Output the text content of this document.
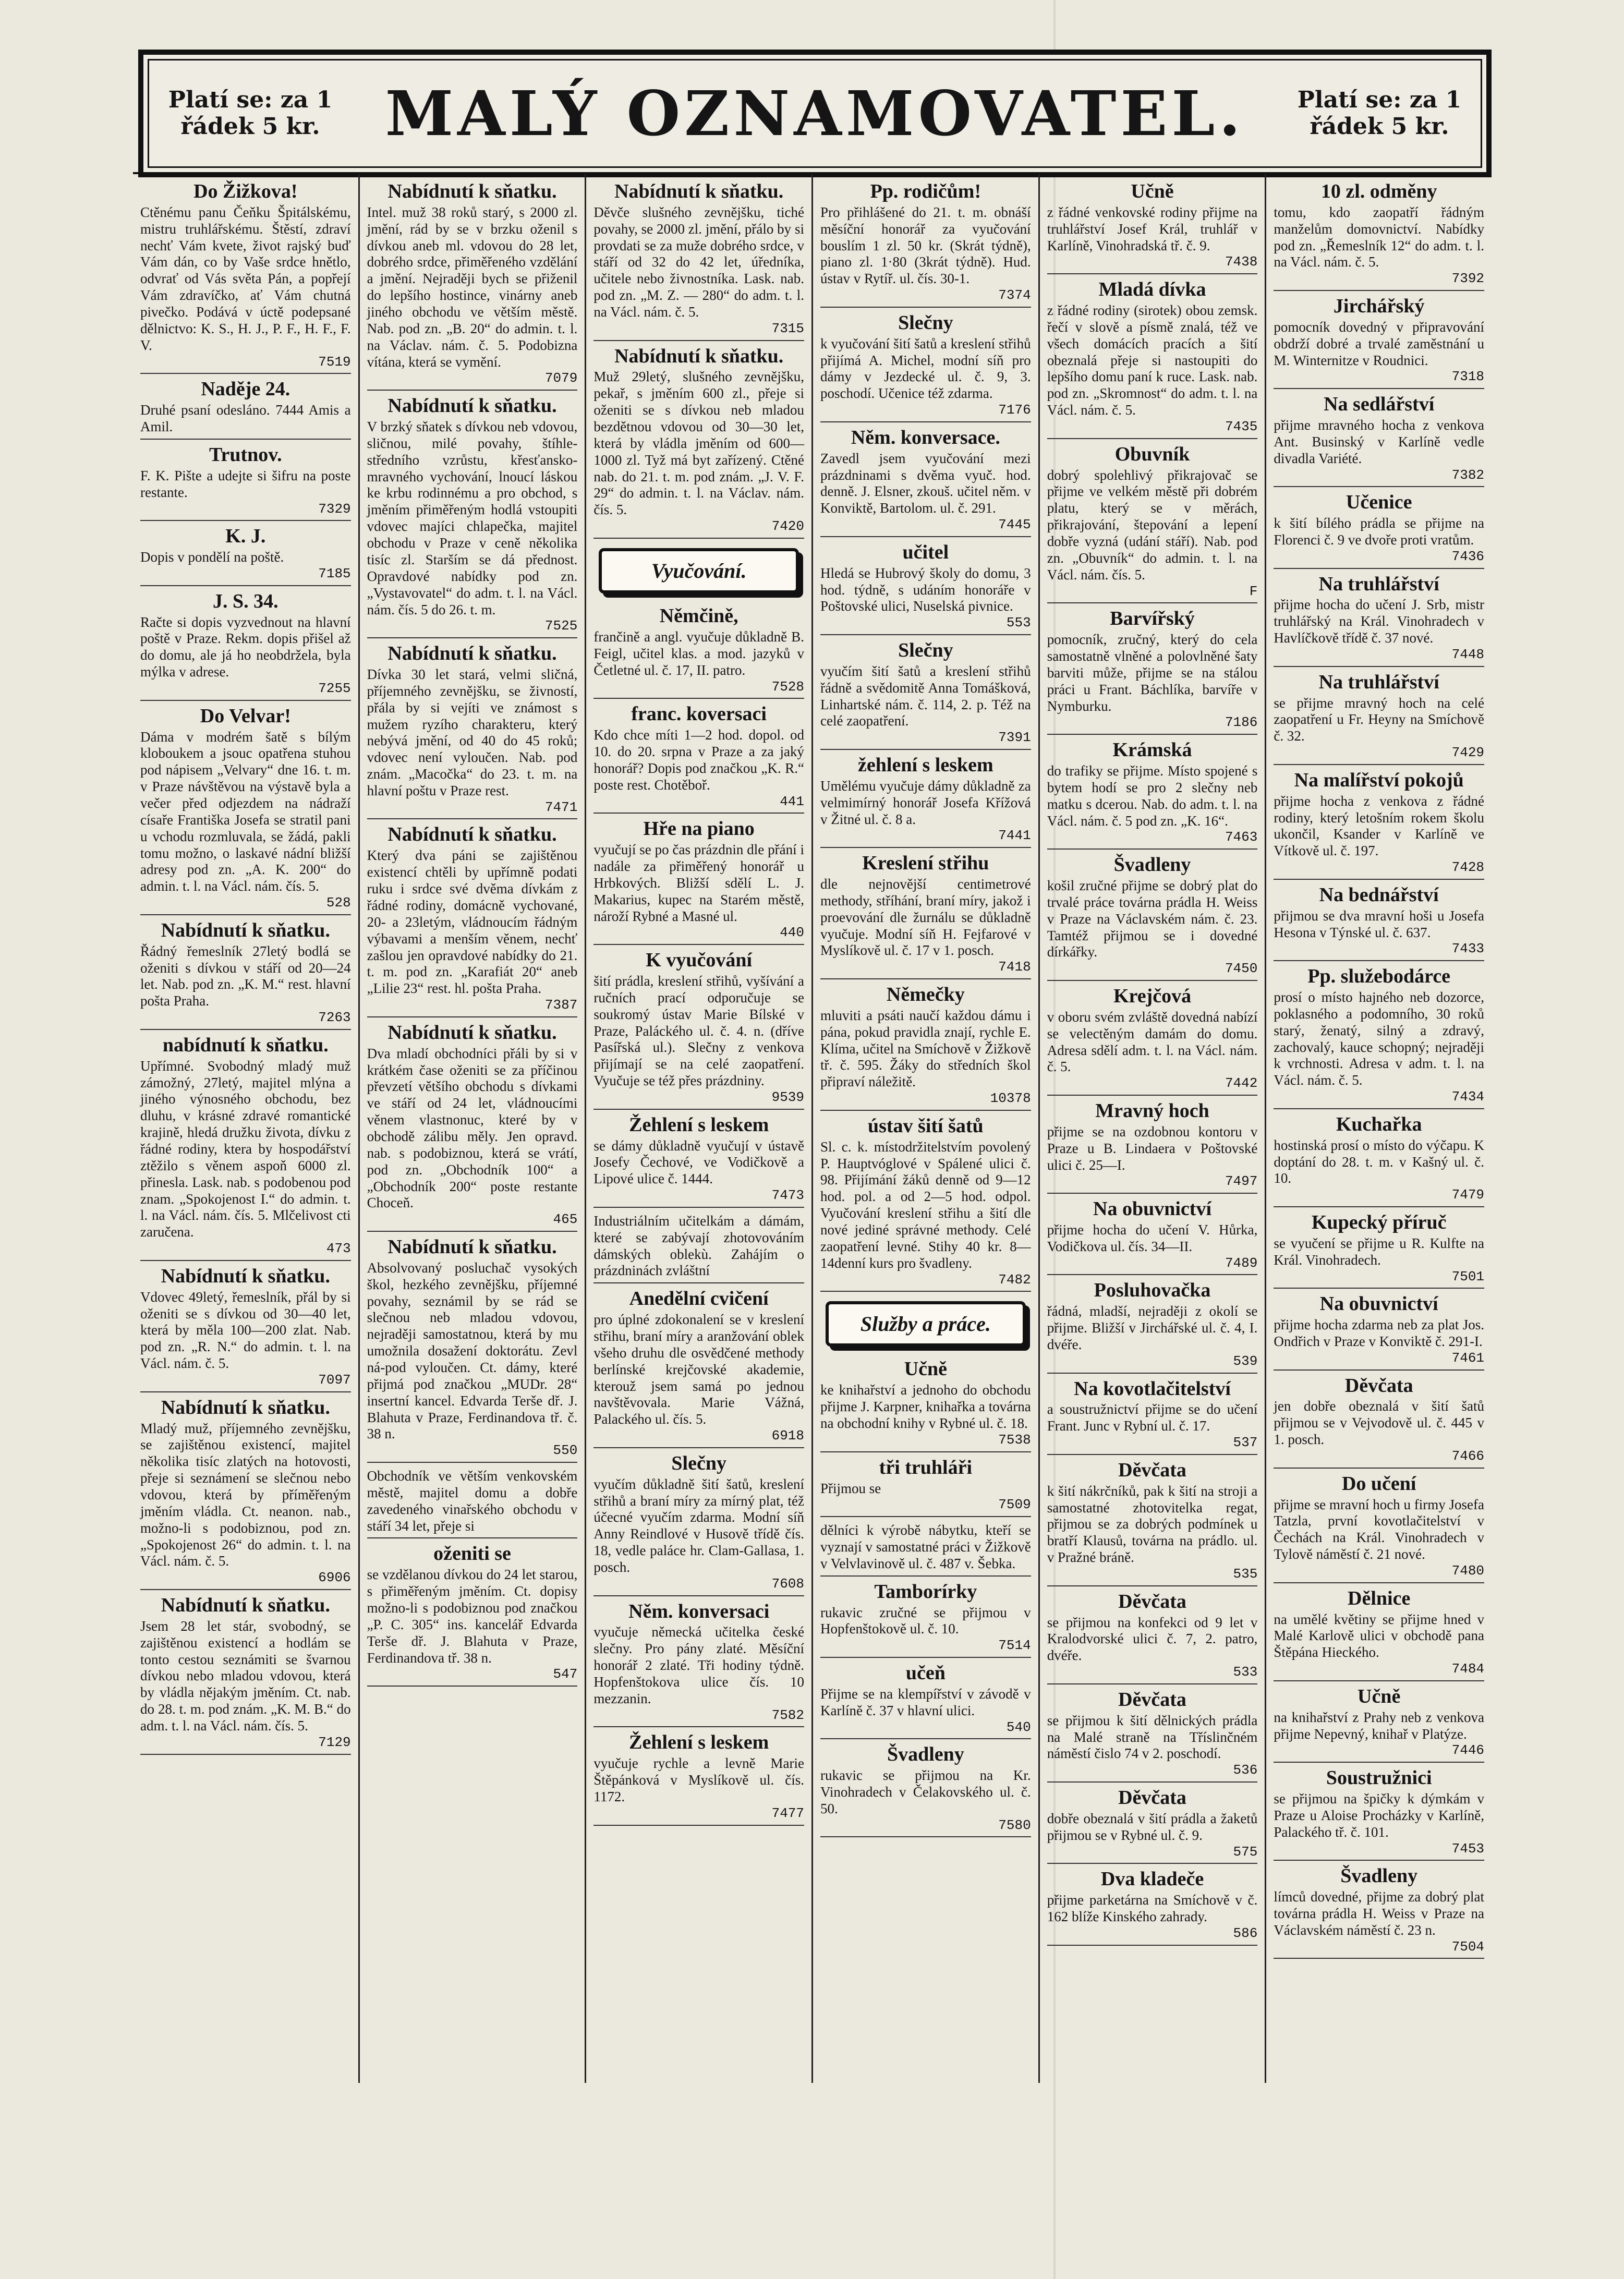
Platí se: za 1 řádek 5 kr. MALÝ OZNAMOVATEL. Platí se: za 1 řádek 5 kr.
Do Žižkova!
Ctěnému panu Čeňku Špitálskému, mistru truhlářskému. Štěstí, zdraví nechť Vám kvete, život rajský buď Vám dán, co by Vaše srdce hnětlo, odvrať od Vás světa Pán, a popřejí Vám zdravíčko, ať Vám chutná pivečko. Podává v úctě podepsané dělnictvo: K. S., H. J., P. F., H. F., F. V.
7519
Naděje 24.
Druhé psaní odesláno. 7444 Amis a Amil.
Trutnov.
F. K. Pište a udejte si šifru na poste restante.
7329
K. J.
Dopis v pondělí na poště.
7185
J. S. 34.
Račte si dopis vyzvednout na hlavní poště v Praze. Rekm. dopis přišel až do domu, ale já ho neobdržela, byla mýlka v adrese.
7255
Do Velvar!
Dáma v modrém šatě s bílým kloboukem a jsouc opatřena stuhou pod nápisem „Velvary“ dne 16. t. m. v Praze návštěvou na výstavě byla a večer před odjezdem na nádraží císaře Františka Josefa se stratil pani u vchodu rozmluvala, se žádá, pakli tomu možno, o laskavé nádní bližší adresy pod zn. „A. K. 200“ do admin. t. l. na Václ. nám. čís. 5.
528
Nabídnutí k sňatku.
Řádný řemeslník 27letý bodlá se oženiti s dívkou v stáří od 20—24 let. Nab. pod zn. „K. M.“ rest. hlavní pošta Praha.
7263
nabídnutí k sňatku.
Upřímné. Svobodný mladý muž zámožný, 27letý, majitel mlýna a jiného výnosného obchodu, bez dluhu, v krásné zdravé romantické krajině, hledá družku života, dívku z řádné rodiny, ktera by hospodářství ztěžilo s věnem aspoň 6000 zl. přinesla. Lask. nab. s podobenou pod znam. „Spokojenost I.“ do admin. t. l. na Václ. nám. čís. 5. Mlčelivost cti zaručena.
473
Nabídnutí k sňatku.
Vdovec 49letý, řemeslník, přál by si oženiti se s dívkou od 30—40 let, která by měla 100—200 zlat. Nab. pod zn. „R. N.“ do admin. t. l. na Václ. nám. č. 5.
7097
Nabídnutí k sňatku.
Mladý muž, příjemného zevnějšku, se zajištěnou existencí, majitel několika tisíc zlatých na hotovosti, přeje si seznámení se slečnou nebo vdovou, která by příměřeným jměním vládla. Ct. neanon. nab., možno-li s podobiznou, pod zn. „Spokojenost 26“ do admin. t. l. na Václ. nám. č. 5.
6906
Nabídnutí k sňatku.
Jsem 28 let stár, svobodný, se zajištěnou existencí a hodlám se tonto cestou seznámiti se švarnou dívkou nebo mladou vdovou, která by vládla nějakým jměním. Ct. nab. do 28. t. m. pod znám. „K. M. B.“ do adm. t. l. na Václ. nám. čís. 5.
7129
Nabídnutí k sňatku.
Intel. muž 38 roků starý, s 2000 zl. jmění, rád by se v brzku oženil s dívkou aneb ml. vdovou do 28 let, dobrého srdce, přiměřeného vzdělání a jmění. Nejraději bych se přiženil do lepšího hostince, vinárny aneb jiného obchodu ve větším městě. Nab. pod zn. „B. 20“ do admin. t. l. na Václav. nám. č. 5. Podobizna vítána, která se vymění.
7079
Nabídnutí k sňatku.
V brzký sňatek s dívkou neb vdovou, sličnou, milé povahy, štíhle-středního vzrůstu, křesťansko-mravného vychování, lnoucí láskou ke krbu rodinnému a pro obchod, s jměním přiměřeným hodlá vstoupiti vdovec majíci chlapečka, majitel obchodu v Praze v ceně několika tisíc zl. Starším se dá přednost. Opravdové nabídky pod zn. „Vystavovatel“ do adm. t. l. na Václ. nám. čís. 5 do 26. t. m.
7525
Nabídnutí k sňatku.
Dívka 30 let stará, velmi sličná, příjemného zevnějšku, se živností, přála by si vejíti ve známost s mužem ryzího charakteru, který nebývá jmění, od 40 do 45 roků; vdovec není vyloučen. Nab. pod znám. „Macočka“ do 23. t. m. na hlavní poštu v Praze rest.
7471
Nabídnutí k sňatku.
Který dva páni se zajištěnou existencí chtěli by upřímně podati ruku i srdce své dvěma dívkám z řádné rodiny, domácně vychované, 20- a 23letým, vládnoucím řádným výbavami a menším věnem, nechť zašlou jen opravdové nabídky do 21. t. m. pod zn. „Karafiát 20“ aneb „Lilie 23“ rest. hl. pošta Praha.
7387
Nabídnutí k sňatku.
Dva mladí obchodníci přáli by si v krátkém čase oženiti se za příčinou převzetí většího obchodu s dívkami ve stáří od 24 let, vládnoucími věnem vlastnonuc, které by v obchodě zálibu měly. Jen opravd. nab. s podobiznou, která se vrátí, pod zn. „Obchodník 100“ a „Obchodník 200“ poste restante Choceň.
465
Nabídnutí k sňatku.
Absolvovaný posluchač vysokých škol, hezkého zevnějšku, příjemné povahy, seznámil by se rád se slečnou neb mladou vdovou, nejraději samostatnou, která by mu umožnila dosažení doktorátu. Zevl ná-pod vyloučen. Ct. dámy, které přijmá pod značkou „MUDr. 28“ insertní kancel. Edvarda Terše dř. J. Blahuta v Praze, Ferdinandova tř. č. 38 n.
550
Obchodník ve větším venkovském městě, majitel domu a dobře zavedeného vinařského obchodu v stáří 34 let, přeje si
oženiti se
se vzdělanou dívkou do 24 let starou, s přiměřeným jměním. Ct. dopisy možno-li s podobiznou pod značkou „P. C. 305“ ins. kancelář Edvarda Terše dř. J. Blahuta v Praze, Ferdinandova tř. 38 n.
547
Nabídnutí k sňatku.
Děvče slušného zevnějšku, tiché povahy, se 2000 zl. jmění, přálo by si provdati se za muže dobrého srdce, v stáří od 32 do 42 let, úředníka, učitele nebo živnostníka. Lask. nab. pod zn. „M. Z. — 280“ do adm. t. l. na Václ. nám. č. 5.
7315
Nabídnutí k sňatku.
Muž 29letý, slušného zevnějšku, pekař, s jměním 600 zl., přeje si oženiti se s dívkou neb mladou bezdětnou vdovou od 30—30 let, která by vládla jměním od 600—1000 zl. Tyž má byt zařízený. Ctěné nab. do 21. t. m. pod znám. „J. V. F. 29“ do admin. t. l. na Václav. nám. čís. 5.
7420
Vyučování.
Němčině,
frančině a angl. vyučuje důkladně B. Feigl, učitel klas. a mod. jazyků v Četletné ul. č. 17, II. patro.
7528
franc. koversaci
Kdo chce míti 1—2 hod. dopol. od 10. do 20. srpna v Praze a za jaký honorář? Dopis pod značkou „K. R.“ poste rest. Chotěboř.
441
Hře na piano
vyučují se po čas prázdnin dle přání i nadále za přiměřený honorář u Hrbkových. Bližší sdělí L. J. Makarius, kupec na Starém městě, nároží Rybné a Masné ul.
440
K vyučování
šití prádla, kreslení střihů, vyšívání a ručních prací odporučuje se soukromý ústav Marie Bílské v Praze, Paláckého ul. č. 4. n. (dříve Pasířská ul.). Slečny z venkova přijímají se na celé zaopatření. Vyučuje se též přes prázdniny.
9539
Žehlení s leskem
se dámy důkladně vyučují v ústavě Josefy Čechové, ve Vodičkově a Lipové ulice č. 1444.
7473
Industriálním učitelkám a dámám, které se zabývají zhotovováním dámských oblekù. Zahájím o prázdninách zvláštní
Anedělní cvičení
pro úplné zdokonalení se v kreslení střihu, braní míry a aranžování oblek všeho druhu dle osvědčené methody berlínské krejčovské akademie, kterouž jsem samá po jednou navštěvovala. Marie Vážná, Palackého ul. čís. 5.
6918
Slečny
vyučím důkladně šití šatů, kreslení střihů a braní míry za mírný plat, též účecné vyučím zdarma. Modní síň Anny Reindlové v Husově třídě čís. 18, vedle paláce hr. Clam-Gallasa, 1. posch.
7608
Něm. konversaci
vyučuje německá učitelka české slečny. Pro pány zlaté. Měsíční honorář 2 zlaté. Tři hodiny týdně. Hopfenštokova ulice čís. 10 mezzanin.
7582
Žehlení s leskem
vyučuje rychle a levně Marie Štěpánková v Myslíkově ul. čís. 1172.
7477
Pp. rodičům!
Pro přihlášené do 21. t. m. obnáší měsíční honorář za vyučování bouslím 1 zl. 50 kr. (Skrát týdně), piano zl. 1·80 (3krát týdně). Hud. ústav v Rytíř. ul. čís. 30-1.
7374
Slečny
k vyučování šití šatů a kreslení střihů přijímá A. Michel, modní síň pro dámy v Jezdecké ul. č. 9, 3. poschodí. Učenice též zdarma.
7176
Něm. konversace.
Zavedl jsem vyučování mezi prázdninami s dvěma vyuč. hod. denně. J. Elsner, zkouš. učitel něm. v Konviktě, Bartolom. ul. č. 291.
7445
učitel
Hledá se Hubrový školy do domu, 3 hod. týdně, s udáním honoráře v Poštovské ulici, Nuselská pivnice.
553
Slečny
vyučím šití šatů a kreslení střihů řádně a svědomitě Anna Tomášková, Linhartské nám. č. 114, 2. p. Též na celé zaopatření.
7391
žehlení s leskem
Umělému vyučuje dámy důkladně za velmimírný honorář Josefa Křížová v Žitné ul. č. 8 a.
7441
Kreslení střihu
dle nejnovější centimetrové methody, stříhání, braní míry, jakož i proevování dle žurnálu se důkladně vyučuje. Modní síň H. Fejfarové v Myslíkově ul. č. 17 v 1. posch.
7418
Němečky
mluviti a psáti naučí každou dámu i pána, pokud pravidla znají, rychle E. Klíma, učitel na Smíchově v Žižkově tř. č. 595. Žáky do středních škol připraví náležitě.
10378
ústav šití šatů
Sl. c. k. místodržitelstvím povolený P. Hauptvóglové v Spálené ulici č. 98. Přijímání žáků denně od 9—12 hod. pol. a od 2—5 hod. odpol. Vyučování kreslení střihu a šití dle nové jediné správné methody. Celé zaopatření levné. Stihy 40 kr. 8—14denní kurs pro švadleny.
7482
Služby a práce.
Učně
ke knihařství a jednoho do obchodu přijme J. Karpner, knihařka a továrna na obchodní knihy v Rybné ul. č. 18.
7538
tři truhláři
Přijmou se
7509
dělníci k výrobě nábytku, kteří se vyznají v samostatné práci v Žižkově v Velvlavinově ul. č. 487 v. Šebka.
Tamborírky
rukavic zručné se přijmou v Hopfenštokově ul. č. 10.
7514
učeň
Přijme se na klempířství v závodě v Karlíně č. 37 v hlavní ulici.
540
Švadleny
rukavic se přijmou na Kr. Vinohradech v Čelakovského ul. č. 50.
7580
Učně
z řádné venkovské rodiny přijme na truhlářství Josef Král, truhlář v Karlíně, Vinohradská tř. č. 9.
7438
Mladá dívka
z řádné rodiny (sirotek) obou zemsk. řečí v slově a písmě znalá, též ve všech domácích pracích a šití obeznalá přeje si nastoupiti do lepšího domu paní k ruce. Lask. nab. pod zn. „Skromnost“ do adm. t. l. na Václ. nám. č. 5.
7435
Obuvník
dobrý spolehlivý přikrajovač se přijme ve velkém městě při dobrém platu, který se v měrách, přikrajování, štepování a lepení dobře vyzná (udání stáří). Nab. pod zn. „Obuvník“ do admin. t. l. na Václ. nám. čís. 5.
F
Barvířský
pomocník, zručný, který do cela samostatně vlněné a polovlněné šaty barviti může, přijme se na stálou práci u Frant. Báchlíka, barvíře v Nymburku.
7186
Krámská
do trafiky se přijme. Místo spojené s bytem hodí se pro 2 slečny neb matku s dcerou. Nab. do adm. t. l. na Václ. nám. č. 5 pod zn. „K. 16“.
7463
Švadleny
košil zručné přijme se dobrý plat do trvalé práce továrna prádla H. Weiss v Praze na Václavském nám. č. 23. Tamtéž přijmou se i dovedné dírkářky.
7450
Krejčová
v oboru svém zvláště dovedná nabízí se velectěným damám do domu. Adresa sdělí adm. t. l. na Václ. nám. č. 5.
7442
Mravný hoch
přijme se na ozdobnou kontoru v Praze u B. Lindaera v Poštovské ulici č. 25—I.
7497
Na obuvnictví
přijme hocha do učení V. Hůrka, Vodičkova ul. čís. 34—II.
7489
Posluhovačka
řádná, mladší, nejraději z okolí se přijme. Bližší v Jirchářské ul. č. 4, I. dvéře.
539
Na kovotlačitelství
a soustružnictví přijme se do učení Frant. Junc v Rybní ul. č. 17.
537
Děvčata
k šití nákrčníků, pak k šití na stroji a samostatné zhotovitelka regat, přijmou se za dobrých podmínek u bratří Klausů, továrna na prádlo. ul. v Pražné bráně.
535
Děvčata
se přijmou na konfekci od 9 let v Kralodvorské ulici č. 7, 2. patro, dvéře.
533
Děvčata
se přijmou k šití dělnických prádla na Malé straně na Tříslinčném náměstí čislo 74 v 2. poschodí.
536
Děvčata
dobře obeznalá v šití prádla a žaketů přijmou se v Rybné ul. č. 9.
575
Dva kladeče
přijme parketárna na Smíchově v č. 162 blíže Kinského zahrady.
586
10 zl. odměny
tomu, kdo zaopatří řádným manželům domovnictví. Nabídky pod zn. „Řemeslník 12“ do adm. t. l. na Václ. nám. č. 5.
7392
Jirchářský
pomocník dovedný v připravování obdrží dobré a trvalé zaměstnání u M. Winternitze v Roudnici.
7318
Na sedlářství
přijme mravného hocha z venkova Ant. Businský v Karlíně vedle divadla Variété.
7382
Učenice
k šití bílého prádla se přijme na Florenci č. 9 ve dvoře proti vratům.
7436
Na truhlářství
přijme hocha do učení J. Srb, mistr truhlářský na Král. Vinohradech v Havlíčkově třídě č. 37 nové.
7448
Na truhlářství
se přijme mravný hoch na celé zaopatření u Fr. Heyny na Smíchově č. 32.
7429
Na malířství pokojů
přijme hocha z venkova z řádné rodiny, který letošním rokem školu ukončil, Ksander v Karlíně ve Vítkově ul. č. 197.
7428
Na bednářství
přijmou se dva mravní hoši u Josefa Hesona v Týnské ul. č. 637.
7433
Pp. služebodárce
prosí o místo hajného neb dozorce, poklasného a podomního, 30 roků starý, ženatý, silný a zdravý, zachovalý, kauce schopný; nejraději k vrchnosti. Adresa v adm. t. l. na Václ. nám. č. 5.
7434
Kuchařka
hostinská prosí o místo do výčapu. K doptání do 28. t. m. v Kašný ul. č. 10.
7479
Kupecký příruč
se vyučení se přijme u R. Kulfte na Král. Vinohradech.
7501
Na obuvnictví
přijme hocha zdarma neb za plat Jos. Ondřich v Praze v Konviktě č. 291-I.
7461
Děvčata
jen dobře obeznalá v šití šatů přijmou se v Vejvodově ul. č. 445 v 1. posch.
7466
Do učení
přijme se mravní hoch u firmy Josefa Tatzla, první kovotlačitelství v Čechách na Král. Vinohradech v Tylově náměstí č. 21 nové.
7480
Dělnice
na umělé květiny se přijme hned v Malé Karlově ulici v obchodě pana Štěpána Hieckého.
7484
Učně
na knihařství z Prahy neb z venkova přijme Nepevný, knihař v Platýze.
7446
Soustružnici
se přijmou na špičky k dýmkám v Praze u Aloise Procházky v Karlíně, Palackého tř. č. 101.
7453
Švadleny
límců dovedné, přijme za dobrý plat továrna prádla H. Weiss v Praze na Václavském náměstí č. 23 n.
7504
